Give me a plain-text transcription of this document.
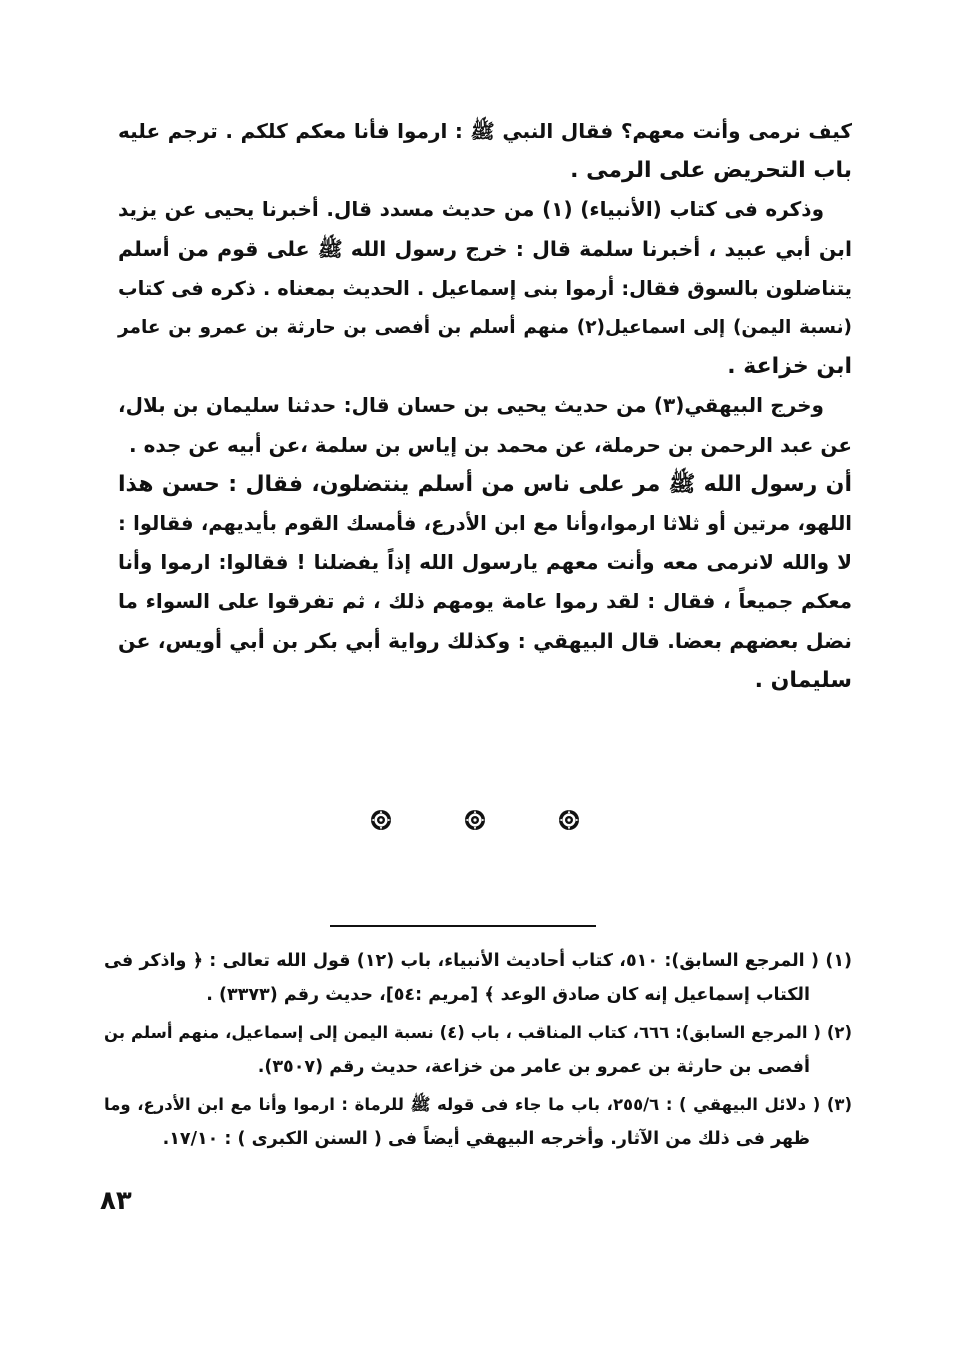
كيف نرمى وأنت معهم؟ فقال النبي ﷺ : ارموا فأنا معكم كلكم . ترجم عليه
باب التحريض على الرمى .

وذكره فى كتاب (الأنبياء) (١) من حديث مسدد قال. أخبرنا يحيى عن يزيد
ابن أبي عبيد ، أخبرنا سلمة قال : خرج رسول الله ﷺ على قوم من أسلم
يتناضلون بالسوق فقال: أرموا بنى إسماعيل . الحديث بمعناه . ذكره فى كتاب
(نسبة اليمن) إلى اسماعيل(٢) منهم أسلم بن أفصى بن حارثة بن عمرو بن عامر
ابن خزاعة .

وخرج البيهقي(٣) من حديث يحيى بن حسان قال: حدثنا سليمان بن بلال،
عن عبد الرحمن بن حرملة، عن محمد بن إياس بن سلمة ،عن أبيه عن جده .

أن رسول الله ﷺ مر على ناس من أسلم ينتضلون، فقال : حسن هذا
اللهو، مرتين أو ثلاثا ارموا،وأنا مع ابن الأدرع، فأمسك القوم بأيديهم، فقالوا :
لا والله لانرمى معه وأنت معهم يارسول الله إذاً يفضلنا ! فقالوا: ارموا وأنا
معكم جميعاً ، فقال : لقد رموا عامة يومهم ذلك ، ثم تفرقوا على السواء ما
نضل بعضهم بعضا. قال البيهقي : وكذلك رواية أبي بكر بن أبي أويس، عن
سليمان .

(١) ( المرجع السابق): ٥١٠، كتاب أحاديث الأنبياء، باب (١٢) قول الله تعالى : ﴿ واذكر فى
الكتاب إسماعيل إنه كان صادق الوعد ﴾ [مريم :٥٤]، حديث رقم (٣٣٧٣) .

(٢) ( المرجع السابق): ٦٦٦، كتاب المناقب ، باب (٤) نسبة اليمن إلى إسماعيل، منهم أسلم بن
أفصى بن حارثة بن عمرو بن عامر من خزاعة، حديث رقم (٣٥٠٧).

(٣) ( دلائل البيهقي ) : ٢٥٥/٦، باب ما جاء فى قوله ﷺ للرماة : ارموا وأنا مع ابن الأدرع، وما
ظهر فى ذلك من الآثار. وأخرجه البيهقي أيضاً فى ( السنن الكبرى ) : ١٧/١٠.

٨٣
